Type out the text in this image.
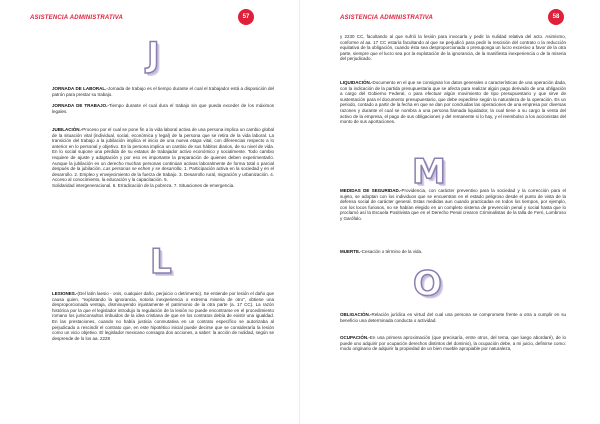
ASISTENCIA ADMINISTRATIVA	57
J
JORNADA DE LABORAL.-Jornada de trabajo es el tiempo durante el cual el trabajador está a disposición del patrón para prestar su trabajo.
JORNADA DE TRABAJO.-Tiempo durante el cual dura el trabajo sin que pueda exceder de los máximos legales.
JUBILACIÓN.-Proceso por el cual se pone fin a la vida laboral activa de una persona implica un cambio global de la situación vital (individual, social, económica y legal) de la persona que se retira de la vida laboral. La transición del trabajo a la jubilación implica el inicio de una nueva etapa vital, con diferencias respecto a lo anterior en lo personal y objetivo. En la persona implica un cambio de sus hábitos diarios, de su nivel de vida. En lo social supone una pérdida de su estatus de trabajador activo económico y socialmente. Todo cambio requiere de ajuste y adaptación y por eso es importante la preparación de quienes deben experimentarlo. Aunque la jubilación es un derecho muchas personas continúan activas laboralmente de forma total o parcial después de la jubilación. Las personas se echen y se desarrollo. 1. Participación activa en la sociedad y en el desarrollo. 2. Empleo y envejecimiento de la fuerza de trabajo. 3. Desarrollo rural, migración y urbanización. 4. Acceso al conocimiento, la educación y la capacitación. 5.
Solidaridad intergeneracional. 6. Erradicación de la pobreza. 7. Situaciones de emergencia.
L
LESIONES.-(Del latín laesio - onis, cualquier daño, perjuicio o detrimento). Se entiende por lesión el daño que causa quien, "explotando la ignorancia, notoria inexperiencia o extrema miseria de otro", obtiene una desproporcionada ventaja, disminuyendo injustamente el patrimonio de la otra parte (a. 17 CC). La razón histórica por la que el legislador introdujo la regulación de la lesión no puede encontrarse en el procedimiento romano los jurisconsultos imbuidos de la idea cristiana de que en los contratos debía de existir una igualdad. En las prestaciones, cuando no había justicia conmutativa en un contrato específico se autorizaba al perjudicado a rescindir el contrato que, en este hipotético inicial puede decirse que se consideraría la lesión como un vicio objetivo. El legislador mexicano consagra dos acciones, a saber: la acción de nulidad, según se desprende de lo los aa. 2228
ASISTENCIA ADMINISTRATIVA	58
y 2230 CC, facultando al que sufrió la lesión para invocarla y pedir la nulidad relativa del acto. Asimismo, conforme al aa. 17 CC estaría facultando al que se perjudicó para pedir la rescisión del contrato o la reducción equitativa de la obligación, cuando ésta sea desproporcionada o presuponga un lucro excesivo a favor de la otra parte, siempre que el lucro sea por la explotación de la ignorancia, de la manifiesta inexperiencia o de la miseria del perjudicado.
LIQUIDACIÓN.-Documento en el que se consignan los datos generales o características de una operación dada, con la indicación de la partida presupuestaria que se afecta para realizar algún pago derivado de una obligación a cargo del Gobierno Federal, o para efectuar algún movimiento de tipo presupuestario y que sirve de sustentación para el documento presupuestario, que debe expedirse según la naturaleza de la operación. Es un periodo, contado a partir de la fecha en que se dan por concluidas las operaciones de una empresa por diversas razones y durante el cual se nombra a una persona llamada liquidador, la cual tiene a su cargo la venta del activo de la empresa, el pago de sus obligaciones y del remanente si lo hay, y el reembolso a los accionistas del monto de sus aportaciones.
M
MEDIDAS DE SEGURIDAD.-Providencia, con carácter preventivo para la sociedad y la corrección para el sujeto, se adoptan con los individuos que se encuentran en el estado peligroso desde el punto de vista de la defensa social de carácter general. Estas medidas aun cuando practicadas en todos los tiempos, por ejemplo, con los locos furiosos, no se habían elegido en un completo sistema de prevención penal y social hasta que lo proclamó así la Escuela Positivista que en el Derecho Penal crearon Criminalistas de la talla de Ferri, Lombroso y Garófalo.
MUERTE.-Cesación o término de la vida.
O
OBLIGACIÓN.-Relación jurídica en virtud del cual una persona se compromete frente a otra a cumplir en su beneficio una determinada conducta o actividad.
OCUPACIÓN.-En una primera aproximación (que precisaría, entre otros, del tema, que luego abordaré), de lo puede uno adquirir por ocupación derechos distintos del dominio), la ocupación debe, a mi juicio, definirse como: modo originario de adquirir la propiedad de un bien mueble apropiable por naturaleza,
